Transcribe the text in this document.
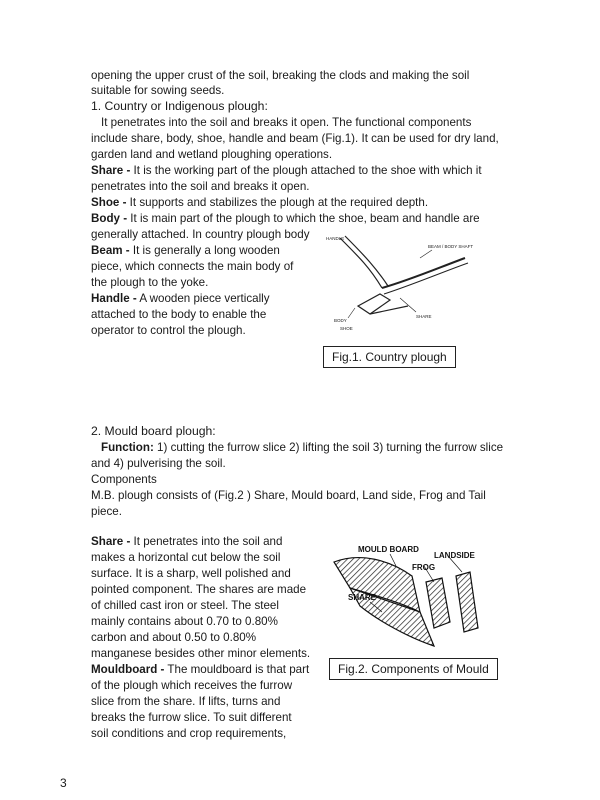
opening the upper crust of the soil, breaking the clods and making the soil
suitable for sowing seeds.
1. Country or Indigenous plough:
It penetrates into the soil and breaks it open. The functional components
include share, body, shoe, handle and beam (Fig.1). It can be used for dry land,
garden land and wetland ploughing operations.
Share - It is the working part of the plough attached to the shoe with which it
penetrates into the soil and breaks it open.
Shoe - It supports and stabilizes the plough at the required depth.
Body - It is main part of the plough to which the shoe, beam and handle are
generally attached. In country plough body
Beam - It is generally a long wooden
piece, which connects the main body of
the plough to the yoke.
Handle - A wooden piece vertically
attached to the body to enable the
operator to control the plough.
HANDLE
BEAM / BODY SHAFT
BODY
SHOE
SHARE
Fig.1. Country plough
2. Mould board plough:
Function: 1) cutting the furrow slice 2) lifting the soil 3) turning the furrow slice
and 4) pulverising the soil.
Components
M.B. plough consists of (Fig.2 ) Share, Mould board, Land side, Frog and Tail
piece.
Share - It penetrates into the soil and
makes a horizontal cut below the soil
surface. It is a sharp, well polished and
pointed component. The shares are made
of chilled cast iron or steel. The steel
mainly contains about 0.70 to 0.80%
carbon and about 0.50 to 0.80%
manganese besides other minor elements.
Mouldboard - The mouldboard is that part
of the plough which receives the furrow
slice from the share. If lifts, turns and
breaks the furrow slice. To suit different
soil conditions and crop requirements,
MOULD BOARD
LANDSIDE
FROG
SHARE
Fig.2. Components of Mould
3
